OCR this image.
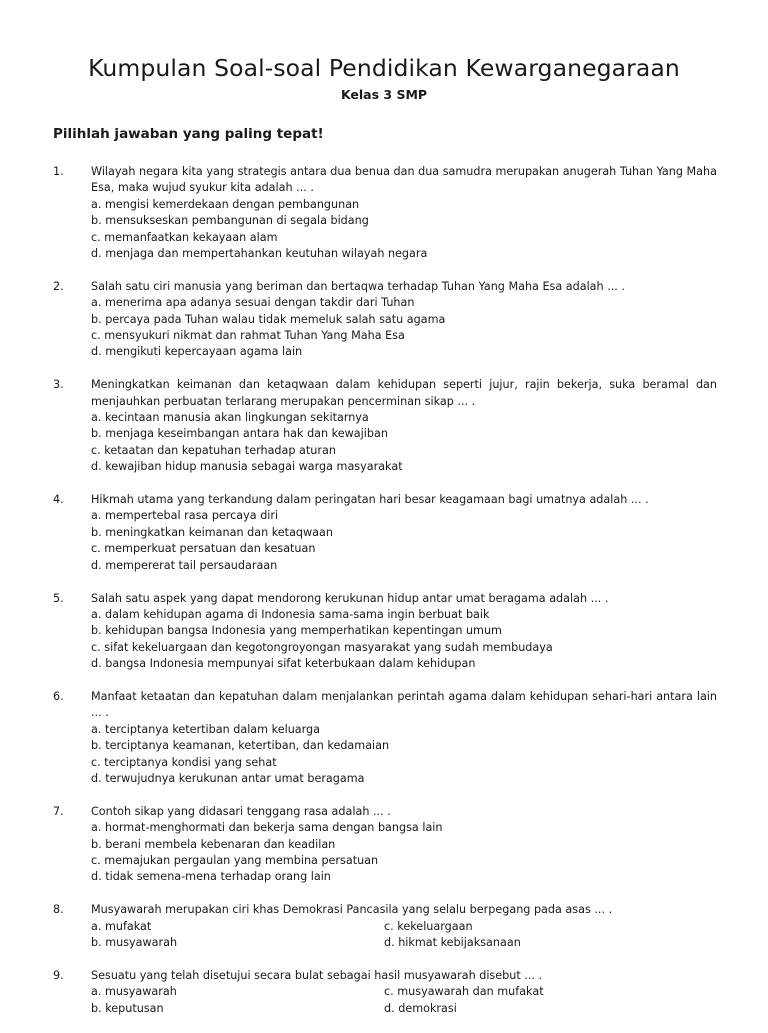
Kumpulan Soal-soal Pendidikan Kewarganegaraan
Kelas 3 SMP
Pilihlah jawaban yang paling tepat!
1. Wilayah negara kita yang strategis antara dua benua dan dua samudra merupakan anugerah Tuhan Yang Maha Esa, maka wujud syukur kita adalah ... .
a. mengisi kemerdekaan dengan pembangunan
b. mensukseskan pembangunan di segala bidang
c. memanfaatkan kekayaan alam
d. menjaga dan mempertahankan keutuhan wilayah negara
2. Salah satu ciri manusia yang beriman dan bertaqwa terhadap Tuhan Yang Maha Esa adalah ... .
a. menerima apa adanya sesuai dengan takdir dari Tuhan
b. percaya pada Tuhan walau tidak memeluk salah satu agama
c. mensyukuri nikmat dan rahmat Tuhan Yang Maha Esa
d. mengikuti kepercayaan agama lain
3. Meningkatkan keimanan dan ketaqwaan dalam kehidupan seperti jujur, rajin bekerja, suka beramal dan menjauhkan perbuatan terlarang merupakan pencerminan sikap ... .
a. kecintaan manusia akan lingkungan sekitarnya
b. menjaga keseimbangan antara hak dan kewajiban
c. ketaatan dan kepatuhan terhadap aturan
d. kewajiban hidup manusia sebagai warga masyarakat
4. Hikmah utama yang terkandung dalam peringatan hari besar keagamaan bagi umatnya adalah ... .
a. mempertebal rasa percaya diri
b. meningkatkan keimanan dan ketaqwaan
c. memperkuat persatuan dan kesatuan
d. mempererat tail persaudaraan
5. Salah satu aspek yang dapat mendorong kerukunan hidup antar umat beragama adalah ... .
a. dalam kehidupan agama di Indonesia sama-sama ingin berbuat baik
b. kehidupan bangsa Indonesia yang memperhatikan kepentingan umum
c. sifat kekeluargaan dan kegotongroyongan masyarakat yang sudah membudaya
d. bangsa Indonesia mempunyai sifat keterbukaan dalam kehidupan
6. Manfaat ketaatan dan kepatuhan dalam menjalankan perintah agama dalam kehidupan sehari-hari antara lain ... .
a. terciptanya ketertiban dalam keluarga
b. terciptanya keamanan, ketertiban, dan kedamaian
c. terciptanya kondisi yang sehat
d. terwujudnya kerukunan antar umat beragama
7. Contoh sikap yang didasari tenggang rasa adalah ... .
a. hormat-menghormati dan bekerja sama dengan bangsa lain
b. berani membela kebenaran dan keadilan
c. memajukan pergaulan yang membina persatuan
d. tidak semena-mena terhadap orang lain
8. Musyawarah merupakan ciri khas Demokrasi Pancasila yang selalu berpegang pada asas ... .
a. mufakat	c. kekeluargaan
b. musyawarah	d. hikmat kebijaksanaan
9. Sesuatu yang telah disetujui secara bulat sebagai hasil musyawarah disebut ... .
a. musyawarah	c. musyawarah dan mufakat
b. keputusan	d. demokrasi
